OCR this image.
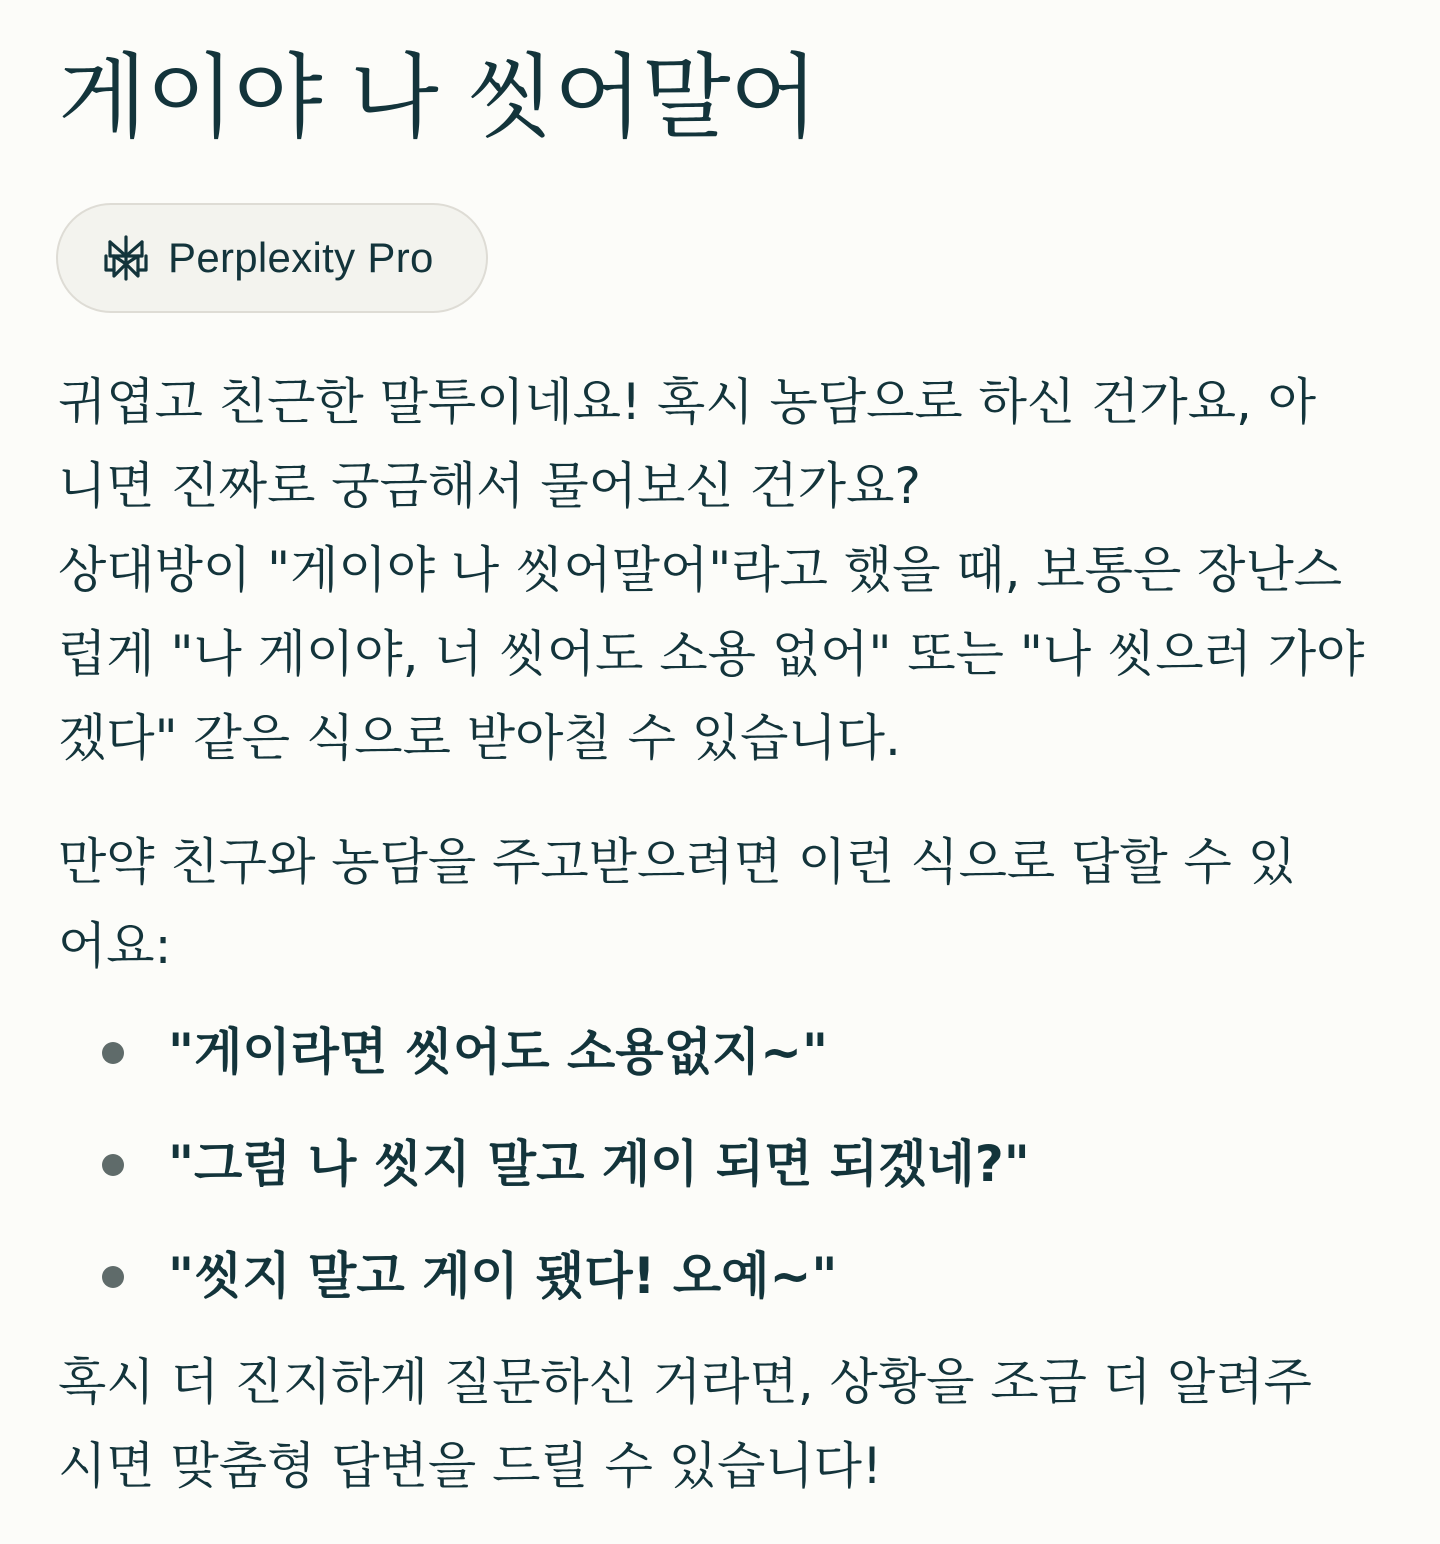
게이야 나 씻어말어
Perplexity Pro

귀엽고 친근한 말투이네요! 혹시 농담으로 하신 건가요, 아
니면 진짜로 궁금해서 물어보신 건가요?
상대방이 "게이야 나 씻어말어"라고 했을 때, 보통은 장난스
럽게 "나 게이야, 너 씻어도 소용 없어" 또는 "나 씻으러 가야
겠다" 같은 식으로 받아칠 수 있습니다.

만약 친구와 농담을 주고받으려면 이런 식으로 답할 수 있
어요:

"게이라면 씻어도 소용없지~"
"그럼 나 씻지 말고 게이 되면 되겠네?"
"씻지 말고 게이 됐다! 오예~"

혹시 더 진지하게 질문하신 거라면, 상황을 조금 더 알려주
시면 맞춤형 답변을 드릴 수 있습니다!
